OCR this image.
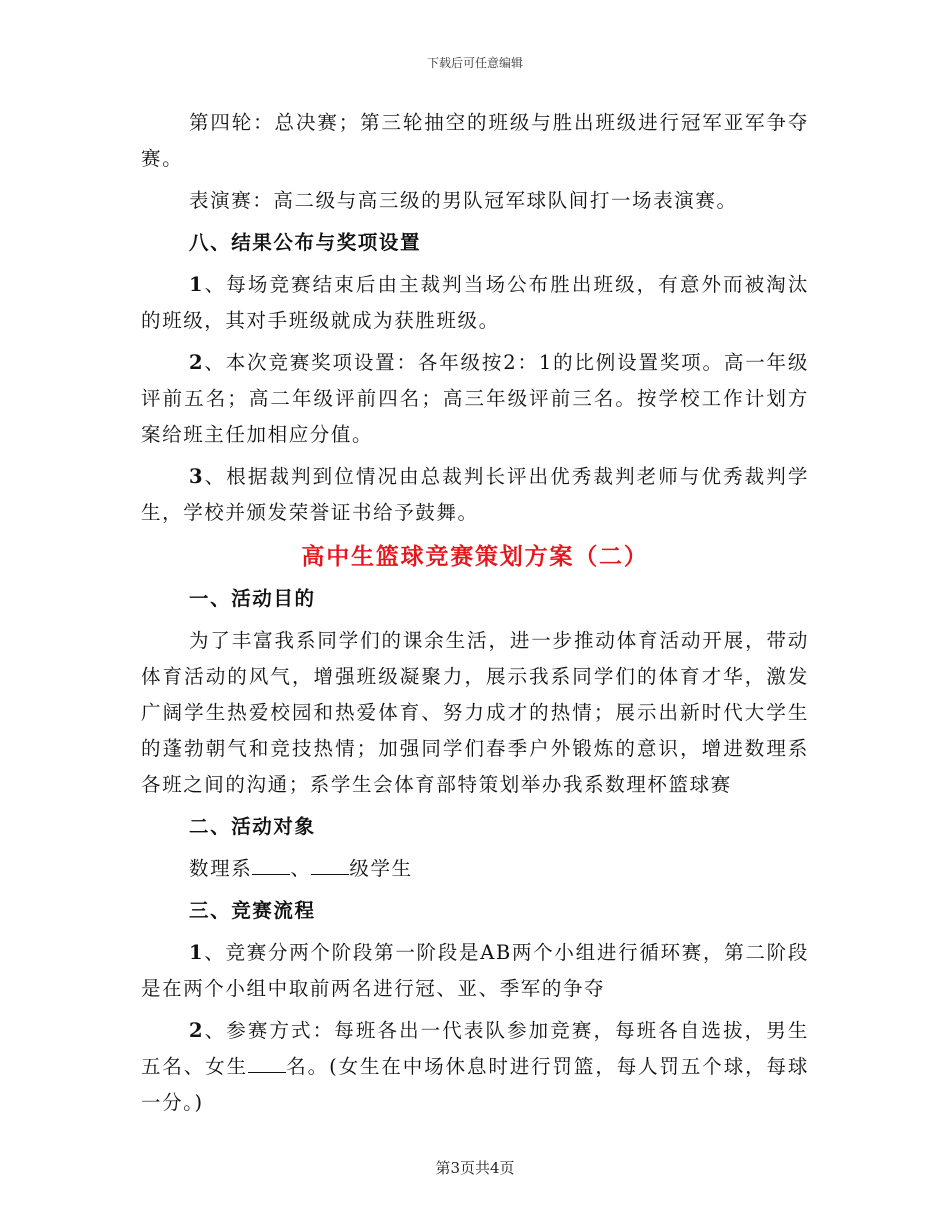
下载后可任意编辑

第四轮：总决赛；第三轮抽空的班级与胜出班级进行冠军亚军争夺赛。

表演赛：高二级与高三级的男队冠军球队间打一场表演赛。

八、结果公布与奖项设置

1、每场竞赛结束后由主裁判当场公布胜出班级，有意外而被淘汰的班级，其对手班级就成为获胜班级。

2、本次竞赛奖项设置：各年级按2：1的比例设置奖项。高一年级评前五名；高二年级评前四名；高三年级评前三名。按学校工作计划方案给班主任加相应分值。

3、根据裁判到位情况由总裁判长评出优秀裁判老师与优秀裁判学生，学校并颁发荣誉证书给予鼓舞。

高中生篮球竞赛策划方案（二）
一、活动目的

为了丰富我系同学们的课余生活，进一步推动体育活动开展，带动体育活动的风气，增强班级凝聚力，展示我系同学们的体育才华，激发广阔学生热爱校园和热爱体育、努力成才的热情；展示出新时代大学生的蓬勃朝气和竞技热情；加强同学们春季户外锻炼的意识，增进数理系各班之间的沟通；系学生会体育部特策划举办我系数理杯篮球赛

二、活动对象

数理系 、 级学生

三、竞赛流程

1、竞赛分两个阶段第一阶段是AB两个小组进行循环赛，第二阶段是在两个小组中取前两名进行冠、亚、季军的争夺

2、参赛方式：每班各出一代表队参加竞赛，每班各自选拔，男生五名、女生 名。(女生在中场休息时进行罚篮，每人罚五个球，每球一分。)

第3页共4页
